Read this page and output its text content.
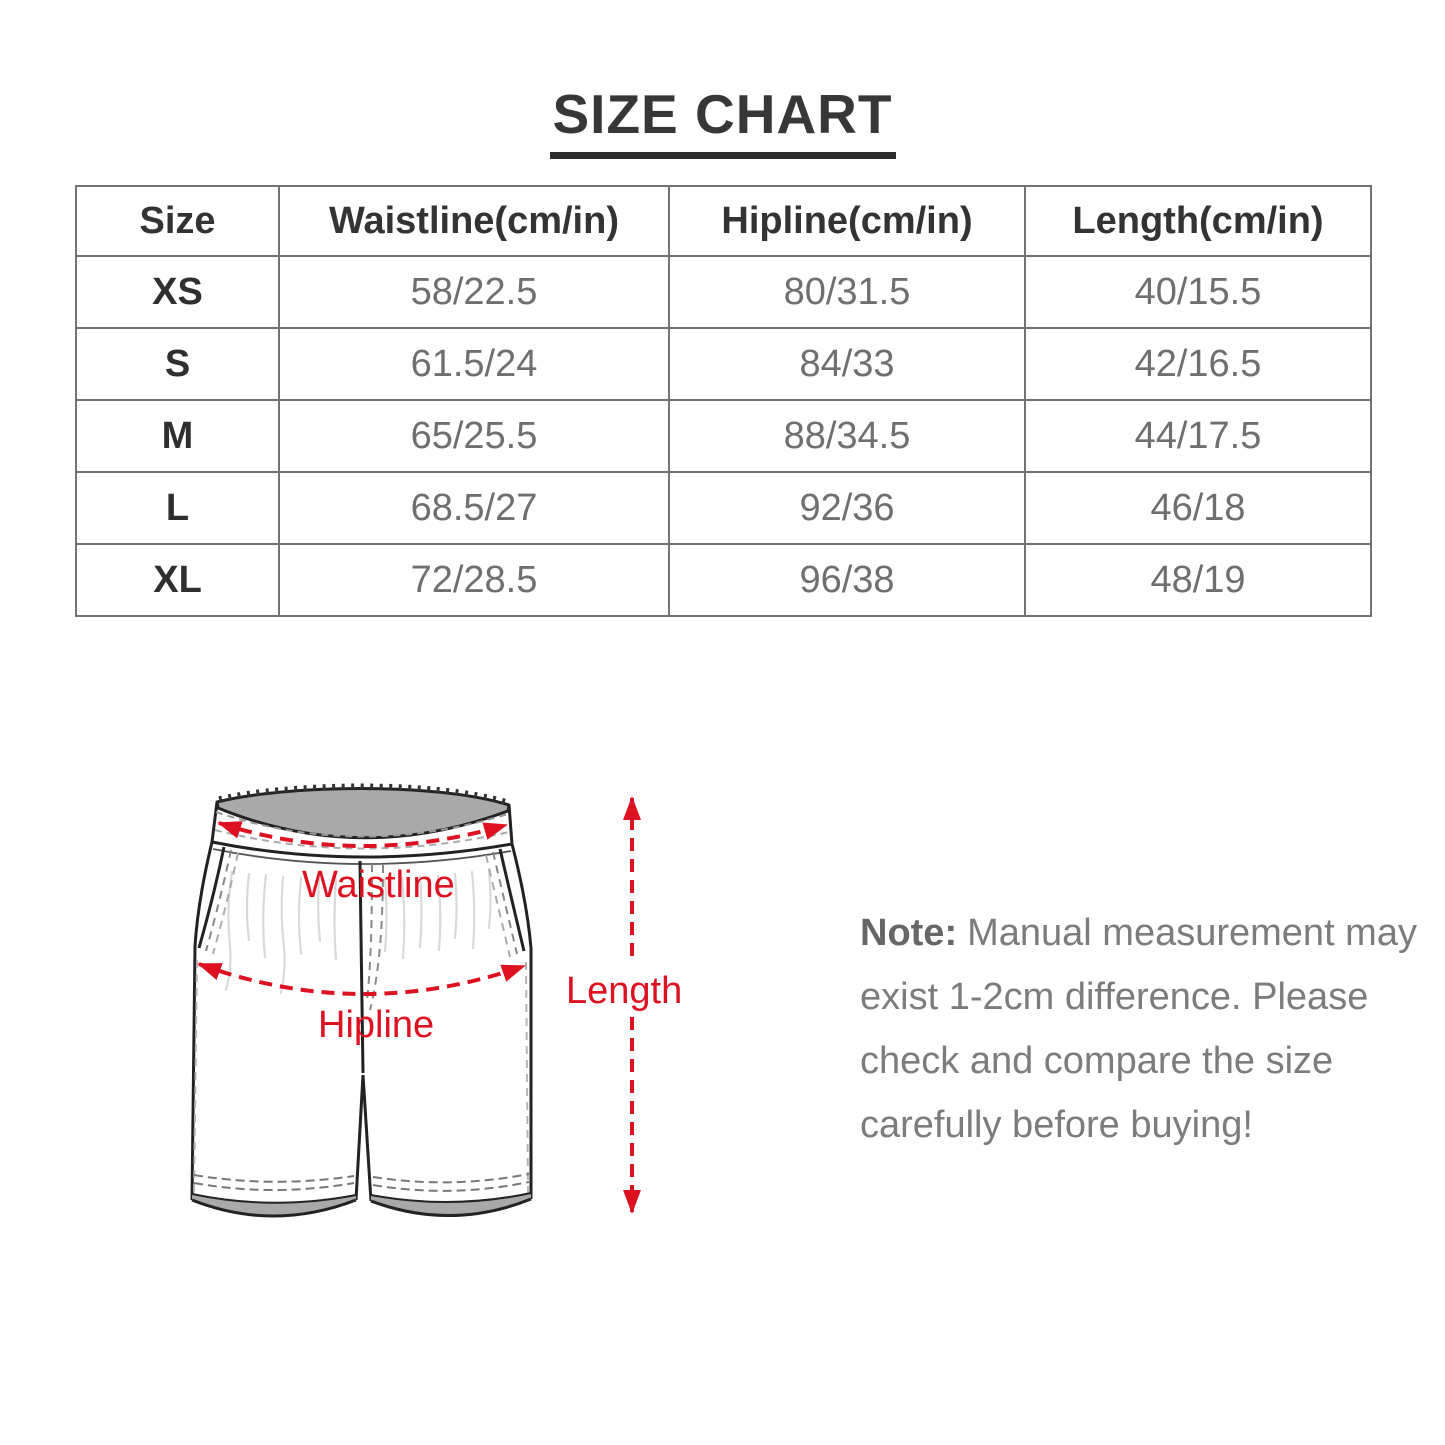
SIZE CHART
Size	Waistline(cm/in)	Hipline(cm/in)	Length(cm/in)
XS	58/22.5	80/31.5	40/15.5
S	61.5/24	84/33	42/16.5
M	65/25.5	88/34.5	44/17.5
L	68.5/27	92/36	46/18
XL	72/28.5	96/38	48/19
Waistline
Hipline
Length
Note: Manual measurement may
exist 1-2cm difference. Please
check and compare the size
carefully before buying!
